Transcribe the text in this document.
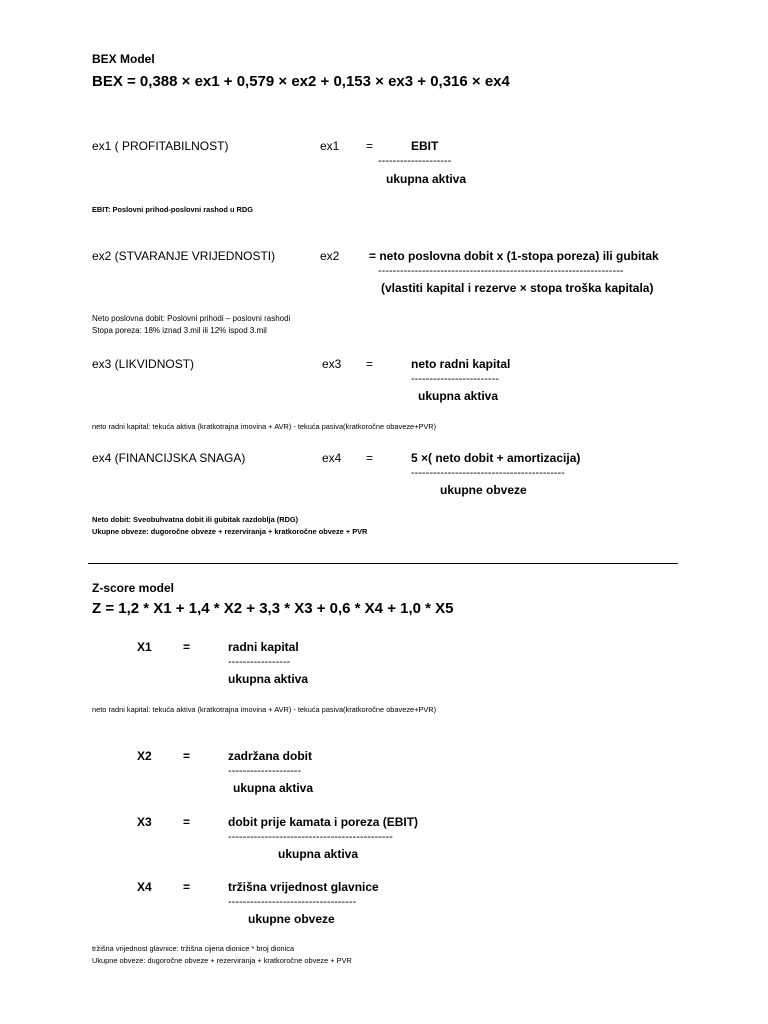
BEX Model
BEX = 0,388 × ex1 + 0,579 × ex2 + 0,153 × ex3 + 0,316 × ex4
ex1 ( PROFITABILNOST)	ex1 =	EBIT
--------------------
ukupna aktiva
EBIT: Poslovni prihod-poslovni rashod u RDG
ex2 (STVARANJE VRIJEDNOSTI)	ex2 = neto poslovna dobit x (1-stopa poreza) ili gubitak
-------------------------------------------------------------------
(vlastiti kapital i rezerve × stopa troška kapitala)
Neto poslovna dobit: Poslovni prihodi – poslovni rashodi
Stopa poreza: 18% iznad 3.mil ili 12% ispod 3.mil
ex3 (LIKVIDNOST)	ex3 =	neto radni kapital
------------------------
ukupna aktiva
neto radni kapital: tekuća aktiva (kratkotrajna imovina + AVR) - tekuća pasiva(kratkoročne obaveze+PVR)
ex4 (FINANCIJSKA SNAGA)	ex4 =	5 ×( neto dobit + amortizacija)
------------------------------------------
ukupne obveze
Neto dobit: Sveobuhvatna dobit ili gubitak razdoblja (RDG)
Ukupne obveze: dugoročne obveze + rezerviranja + kratkoročne obveze + PVR
Z-score model
Z = 1,2 * X1 + 1,4 * X2 + 3,3 * X3 + 0,6 * X4 + 1,0 * X5
X1	=	radni kapital
-----------------
ukupna aktiva
neto radni kapital: tekuća aktiva (kratkotrajna imovina + AVR) - tekuća pasiva(kratkoročne obaveze+PVR)
X2	=	zadržana dobit
--------------------
ukupna aktiva
X3	=	dobit prije kamata i poreza (EBIT)
---------------------------------------------
ukupna aktiva
X4	=	tržišna vrijednost glavnice
-----------------------------------
ukupne obveze
tržišna vrijednost glavnice: tržišna cijena dionice * broj dionica
Ukupne obveze: dugoročne obveze + rezerviranja + kratkoročne obveze + PVR
